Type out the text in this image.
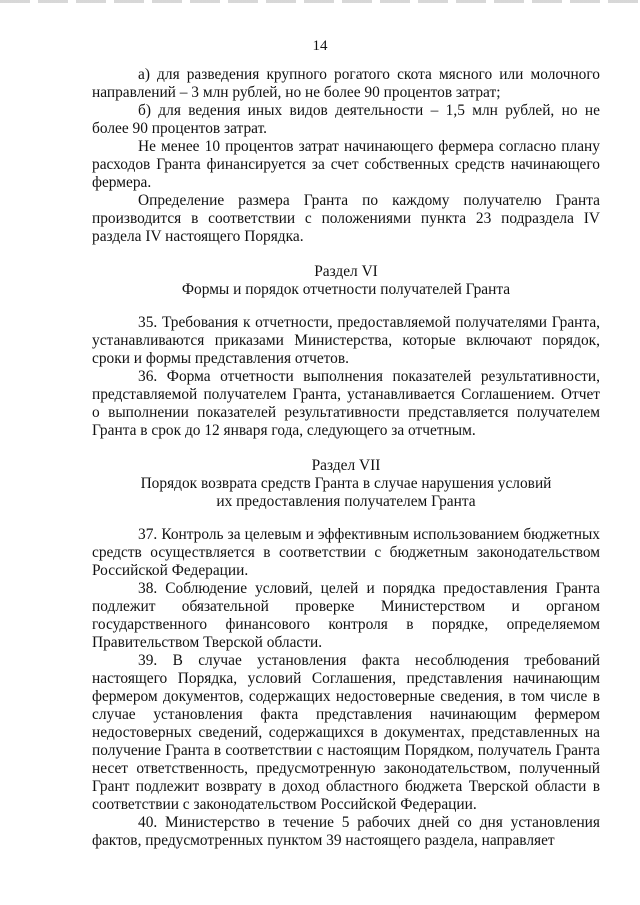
14

а) для разведения крупного рогатого скота мясного или молочного направлений – 3 млн рублей, но не более 90 процентов затрат;

б) для ведения иных видов деятельности – 1,5 млн рублей, но не более 90 процентов затрат.

Не менее 10 процентов затрат начинающего фермера согласно плану расходов Гранта финансируется за счет собственных средств начинающего фермера.

Определение размера Гранта по каждому получателю Гранта производится в соответствии с положениями пункта 23 подраздела IV раздела IV настоящего Порядка.

Раздел VI
Формы и порядок отчетности получателей Гранта

35. Требования к отчетности, предоставляемой получателями Гранта, устанавливаются приказами Министерства, которые включают порядок, сроки и формы представления отчетов.

36. Форма отчетности выполнения показателей результативности, представляемой получателем Гранта, устанавливается Соглашением. Отчет о выполнении показателей результативности представляется получателем Гранта в срок до 12 января года, следующего за отчетным.

Раздел VII
Порядок возврата средств Гранта в случае нарушения условий
их предоставления получателем Гранта

37. Контроль за целевым и эффективным использованием бюджетных средств осуществляется в соответствии с бюджетным законодательством Российской Федерации.

38. Соблюдение условий, целей и порядка предоставления Гранта подлежит обязательной проверке Министерством и органом государственного финансового контроля в порядке, определяемом Правительством Тверской области.

39. В случае установления факта несоблюдения требований настоящего Порядка, условий Соглашения, представления начинающим фермером документов, содержащих недостоверные сведения, в том числе в случае установления факта представления начинающим фермером недостоверных сведений, содержащихся в документах, представленных на получение Гранта в соответствии с настоящим Порядком, получатель Гранта несет ответственность, предусмотренную законодательством, полученный Грант подлежит возврату в доход областного бюджета Тверской области в соответствии с законодательством Российской Федерации.

40. Министерство в течение 5 рабочих дней со дня установления фактов, предусмотренных пунктом 39 настоящего раздела, направляет
